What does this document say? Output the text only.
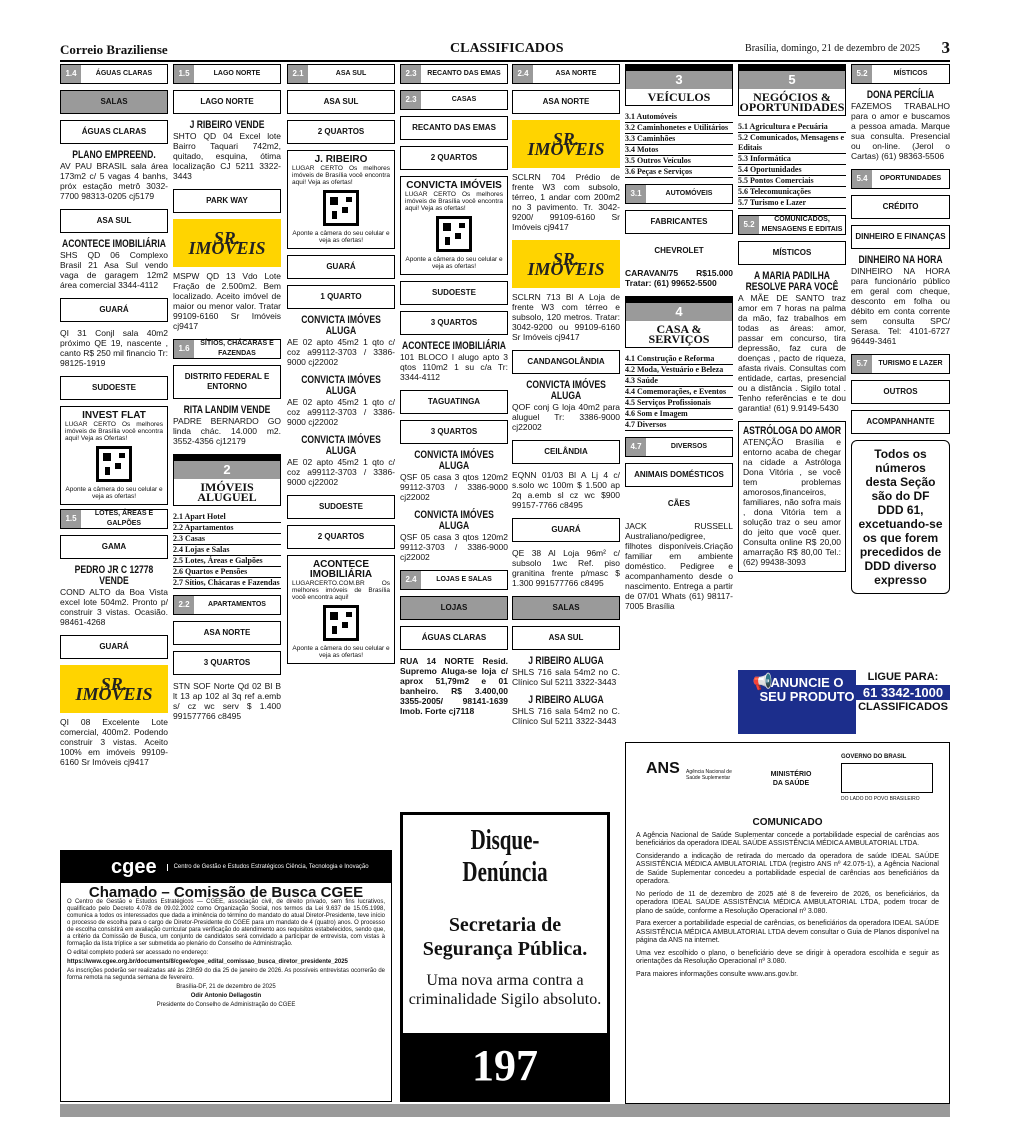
Correio Braziliense	CLASSIFICADOS	Brasília, domingo, 21 de dezembro de 2025 3
1.4	ÁGUAS CLARAS
SALAS
ÁGUAS CLARAS
PLANO EMPREEND.
AV PAU BRASIL sala área 173m2 c/ 5 vagas 4 banhs, próx estação metrô 3032-7700 98313-0205 cj5179
ASA SUL
ACONTECE IMOBILIÁRIA
SHS QD 06 Complexo Brasil 21 Asa Sul vendo vaga de garagem 12m2 área comercial 3344-4112
GUARÁ
QI 31 Conjl sala 40m2 próximo QE 19, nascente , canto R$ 250 mil financio Tr: 98125-1919
SUDOESTE
INVEST FLAT
LUGAR CERTO Os melhores imóveis de Brasília você encontra aqui! Veja as Ofertas!
Aponte a câmera do seu celular e veja as ofertas!
1.5
LOTES, ÁREAS E GALPÕES
GAMA
PEDRO JR C 12778 VENDE
COND ALTO da Boa Vista excel lote 504m2. Pronto p/ construir 3 vistas. Ocasião. 98461-4268
GUARÁ
SR. IMÓVEIS
QI 08 Excelente Lote comercial, 400m2. Podendo construir 3 vistas. Aceito 100% em imóveis 99109-6160 Sr Imóveis cj9417
1.5	LAGO NORTE
LAGO NORTE
J RIBEIRO VENDE
SHTO QD 04 Excel lote Bairro Taquari 742m2, quitado, esquina, ótima localização CJ 5211 3322-3443
PARK WAY
SR. IMÓVEIS
MSPW QD 13 Vdo Lote Fração de 2.500m2. Bem localizado. Aceito imóvel de maior ou menor valor. Tratar 99109-6160 Sr Imóveis cj9417
1.6
SÍTIOS, CHÁCARAS E FAZENDAS
DISTRITO FEDERAL E ENTORNO
RITA LANDIM VENDE
PADRE BERNARDO GO linda chác. 14.000 m2. 3552-4356 cj12179
2
IMÓVEIS ALUGUEL
2.1 Apart Hotel
2.2 Apartamentos
2.3 Casas
2.4 Lojas e Salas
2.5 Lotes, Áreas e Galpões
2.6 Quartos e Pensões
2.7 Sítios, Chácaras e Fazendas
2.2	APARTAMENTOS
ASA NORTE
3 QUARTOS
STN SOF Norte Qd 02 Bl B lt 13 ap 102 al 3q ref a.emb s/ cz wc serv $ 1.400 991577766 c8495
2.1	ASA SUL
ASA SUL
2 QUARTOS
J. RIBEIRO
LUGAR CERTO Os melhores imóveis de Brasília você encontra aqui! Veja as ofertas!
Aponte a câmera do seu celular e veja as ofertas!
GUARÁ
1 QUARTO
CONVICTA IMÓVES ALUGA
AE 02 apto 45m2 1 qto c/ coz a99112-3703 / 3386-9000 cj22002
CONVICTA IMÓVES ALUGA
AE 02 apto 45m2 1 qto c/ coz a99112-3703 / 3386-9000 cj22002
CONVICTA IMÓVES ALUGA
AE 02 apto 45m2 1 qto c/ coz a99112-3703 / 3386-9000 cj22002
SUDOESTE
2 QUARTOS
ACONTECE IMOBILIÁRIA
LUGARCERTO.COM.BR Os melhores imóveis de Brasília você encontra aqui!
Aponte a câmera do seu celular e veja as ofertas!
2.3	RECANTO DAS EMAS
2.3	CASAS
RECANTO DAS EMAS
2 QUARTOS
CONVICTA IMÓVEIS
LUGAR CERTO Os melhores imóveis de Brasília você encontra aqui! Veja as ofertas!
Aponte a câmera do seu celular e veja as ofertas!
SUDOESTE
3 QUARTOS
ACONTECE IMOBILIÁRIA
101 BLOCO I alugo apto 3 qtos 110m2 1 su c/a Tr: 3344-4112
TAGUATINGA
3 QUARTOS
CONVICTA IMÓVES ALUGA
QSF 05 casa 3 qtos 120m2 99112-3703 / 3386-9000 cj22002
CONVICTA IMÓVES ALUGA
QSF 05 casa 3 qtos 120m2 99112-3703 / 3386-9000 cj22002
2.4	LOJAS E SALAS
LOJAS
ÁGUAS CLARAS
RUA 14 NORTE Resid. Supremo Aluga-se loja c/ aprox 51,79m2 e 01 banheiro. R$ 3.400,00 3355-2005/ 98141-1639 Imob. Forte cj7118
2.4	ASA NORTE
ASA NORTE
SR. IMÓVEIS
SCLRN 704 Prédio de frente W3 com subsolo, térreo, 1 andar com 200m2 no 3 pavimento. Tr. 3042-9200/ 99109-6160 Sr Imóveis cj9417
SR. IMÓVEIS
SCLRN 713 Bl A Loja de frente W3 com térreo e subsolo, 120 metros. Tratar: 3042-9200 ou 99109-6160 Sr Imóveis cj9417
CANDANGOLÂNDIA
CONVICTA IMÓVES ALUGA
QOF conj G loja 40m2 para aluguel Tr: 3386-9000 cj22002
CEILÂNDIA
EQNN 01/03 Bl A Lj 4 c/ s.solo wc 100m $ 1.500 ap 2q a.emb sl cz wc $900 99157-7766 c8495
GUARÁ
QE 38 Al Loja 96m² c/ subsolo 1wc Ref. piso granitina frente p/masc $ 1.300 991577766 c8495
SALAS
ASA SUL
J RIBEIRO ALUGA
SHLS 716 sala 54m2 no C. Clínico Sul 5211 3322-3443
J RIBEIRO ALUGA
SHLS 716 sala 54m2 no C. Clínico Sul 5211 3322-3443
3
VEÍCULOS
3.1 Automóveis
3.2 Caminhonetes e Utilitários
3.3 Caminhões
3.4 Motos
3.5 Outros Veículos
3.6 Peças e Serviços
3.1	AUTOMÓVEIS
FABRICANTES
CHEVROLET
CARAVAN/75 R$15.000 Tratar: (61) 99652-5500
4
CASA & SERVIÇOS
4.1 Construção e Reforma
4.2 Moda, Vestuário e Beleza
4.3 Saúde
4.4 Comemorações, e Eventos
4.5 Serviços Profissionais
4.6 Som e Imagem
4.7 Diversos
4.7	DIVERSOS
ANIMAIS DOMÉSTICOS
CÃES
JACK RUSSELL Australiano/pedigree, filhotes disponíveis.Criação familiar em ambiente doméstico. Pedigree e acompanhamento desde o nascimento. Entrega a partir de 07/01 Whats (61) 98117-7005 Brasília
5
NEGÓCIOS & OPORTUNIDADES
5.1 Agricultura e Pecuária
5.2 Comunicados, Mensagens e Editais
5.3 Informática
5.4 Oportunidades
5.5 Pontos Comerciais
5.6 Telecomunicações
5.7 Turismo e Lazer
5.2
COMUNICADOS, MENSAGENS E EDITAIS
MÍSTICOS
A MARIA PADILHA RESOLVE PARA VOCÊ
A MÃE DE SANTO traz amor em 7 horas na palma da mão, faz trabalhos em todas as áreas: amor, passar em concurso, tira depressão, faz cura de doenças , pacto de riqueza, afasta rivais. Consultas com entidade, cartas, presencial ou a distância . Sigilo total . Tenho referências e te dou garantia! (61) 9.9149-5430
ASTRÓLOGA DO AMOR
ATENÇÃO Brasília e entorno acaba de chegar na cidade a Astróloga Dona Vitória , se você tem problemas amorosos,financeiros, familiares, não sofra mais , dona Vitória tem a solução traz o seu amor do jeito que você quer. Consulta online R$ 20,00 amarração R$ 80,00 Tel.: (62) 99438-3093
5.2	MÍSTICOS
DONA PERCÍLIA
FAZEMOS TRABALHO para o amor e buscamos a pessoa amada. Marque sua consulta. Presencial ou on-line. (Jerol o Cartas) (61) 98363-5506
5.4	OPORTUNIDADES
CRÉDITO
DINHEIRO E FINANÇAS
DINHEIRO NA HORA
DINHEIRO NA HORA para funcionário público em geral com cheque, desconto em folha ou débito em conta corrente sem consulta SPC/ Serasa. Tel: 4101-6727 96449-3461
5.7	TURISMO E LAZER
OUTROS
ACOMPANHANTE
Todos os números desta Seção são do DF DDD 61, excetuando-se os que forem precedidos de DDD diverso expresso
📢
ANUNCIE O SEU PRODUTO
LIGUE PARA:
61 3342-1000
CLASSIFICADOS
cgee	Centro de Gestão e Estudos Estratégicos Ciência, Tecnologia e Inovação
Chamado – Comissão de Busca CGEE

O Centro de Gestão e Estudos Estratégicos — CGEE, associação civil, de direito privado, sem fins lucrativos, qualificado pelo Decreto 4.078 de 09.02.2002 como Organização Social, nos termos da Lei 9.637 de 15.05.1998, comunica a todos os interessados que dada a iminência do término do mandato do atual Diretor-Presidente, teve início o processo de escolha para o cargo de Diretor-Presidente do CGEE para um mandato de 4 (quatro) anos. O processo de escolha consistirá em avaliação curricular para verificação do atendimento aos requisitos estabelecidos, sendo que, a critério da Comissão de Busca, um conjunto de candidatos será convidado a participar de entrevista, com vistas à formação da lista tríplice a ser submetida ao plenário do Conselho de Administração.

O edital completo poderá ser acessado no endereço:

https://www.cgee.org.br/documents/8/cgee/cgee_edital_comissao_busca_diretor_presidente_2025

As inscrições poderão ser realizadas até às 23h59 do dia 25 de janeiro de 2026. As possíveis entrevistas ocorrerão de forma remota na segunda semana de fevereiro.

Brasília-DF, 21 de dezembro de 2025

Odir Antonio Dellagostin

Presidente do Conselho de Administração do CGEE

Disque-Denúncia
Secretaria de Segurança Pública.
Uma nova arma contra a criminalidade Sigilo absoluto.
197
ANS Agência Nacional de Saúde Suplementar	MINISTÉRIO DA SAÚDE
GOVERNO DO BRASIL
DO LADO DO POVO BRASILEIRO
COMUNICADO

A Agência Nacional de Saúde Suplementar concede a portabilidade especial de carências aos beneficiários da operadora IDEAL SAÚDE ASSISTÊNCIA MÉDICA AMBULATORIAL LTDA.

Considerando a indicação de retirada do mercado da operadora de saúde IDEAL SAÚDE ASSISTÊNCIA MÉDICA AMBULATORIAL LTDA (registro ANS nº 42.075-1), a Agência Nacional de Saúde Suplementar concedeu a portabilidade especial de carências aos beneficiários da operadora.

No período de 11 de dezembro de 2025 até 8 de fevereiro de 2026, os beneficiários, da operadora IDEAL SAÚDE ASSISTÊNCIA MÉDICA AMBULATORIAL LTDA, podem trocar de plano de saúde, conforme a Resolução Operacional nº 3.080.

Para exercer a portabilidade especial de carências, os beneficiários da operadora IDEAL SAÚDE ASSISTÊNCIA MÉDICA AMBULATORIAL LTDA devem consultar o Guia de Planos disponível na página da ANS na internet.

Uma vez escolhido o plano, o beneficiário deve se dirigir à operadora escolhida e seguir as orientações da Resolução Operacional nº 3.080.

Para maiores informações consulte www.ans.gov.br.
